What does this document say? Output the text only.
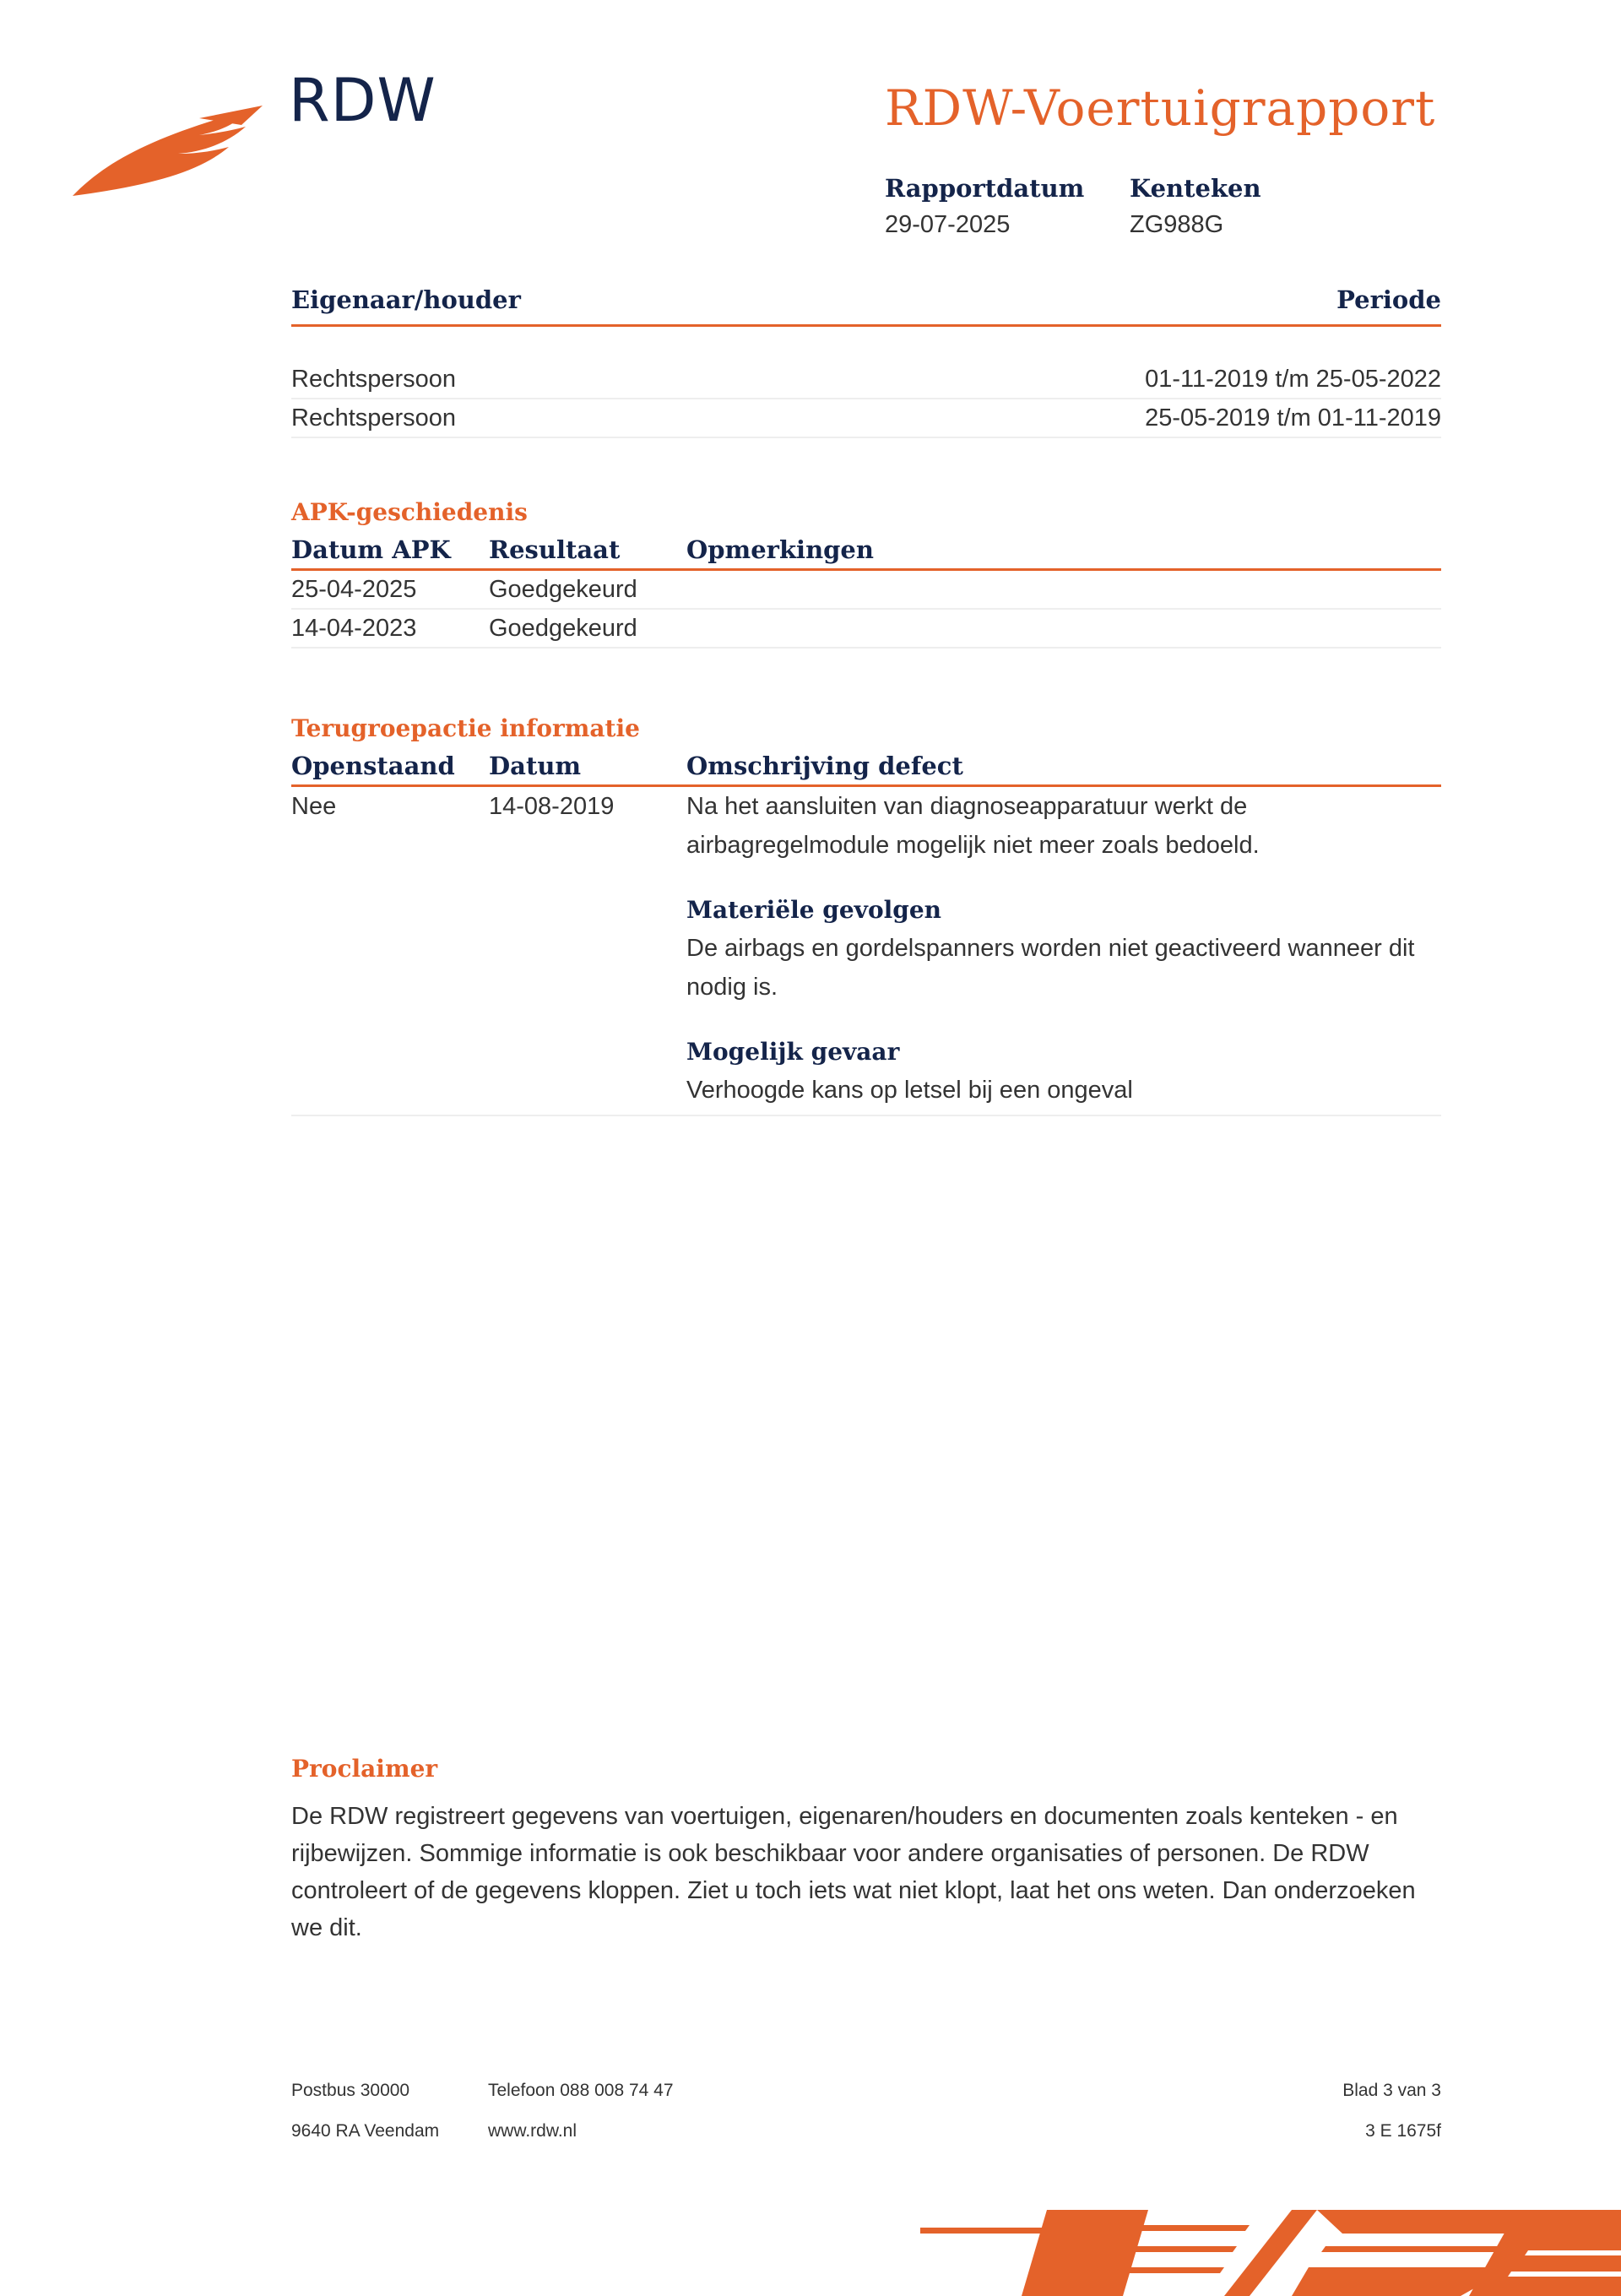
RDW	RDW-Voertuigrapport
Rapportdatum
29-07-2025
Kenteken
ZG988G
Eigenaar/houder	Periode
Rechtspersoon	01-11-2019 t/m 25-05-2022
Rechtspersoon	25-05-2019 t/m 01-11-2019
APK-geschiedenis
Datum APK	Resultaat	Opmerkingen
25-04-2025	Goedgekeurd
14-04-2023	Goedgekeurd
Terugroepactie informatie
Openstaand	Datum	Omschrijving defect
Nee	14-08-2019	Na het aansluiten van diagnoseapparatuur werkt de
airbagregelmodule mogelijk niet meer zoals bedoeld.
Materiële gevolgen
De airbags en gordelspanners worden niet geactiveerd wanneer dit
nodig is.
Mogelijk gevaar
Verhoogde kans op letsel bij een ongeval
Proclaimer
De RDW registreert gegevens van voertuigen, eigenaren/houders en documenten zoals kenteken - en
rijbewijzen. Sommige informatie is ook beschikbaar voor andere organisaties of personen. De RDW
controleert of de gegevens kloppen. Ziet u toch iets wat niet klopt, laat het ons weten. Dan onderzoeken
we dit.
Postbus 30000
9640 RA Veendam
Telefoon 088 008 74 47
www.rdw.nl
Blad 3 van 3
3 E 1675f
